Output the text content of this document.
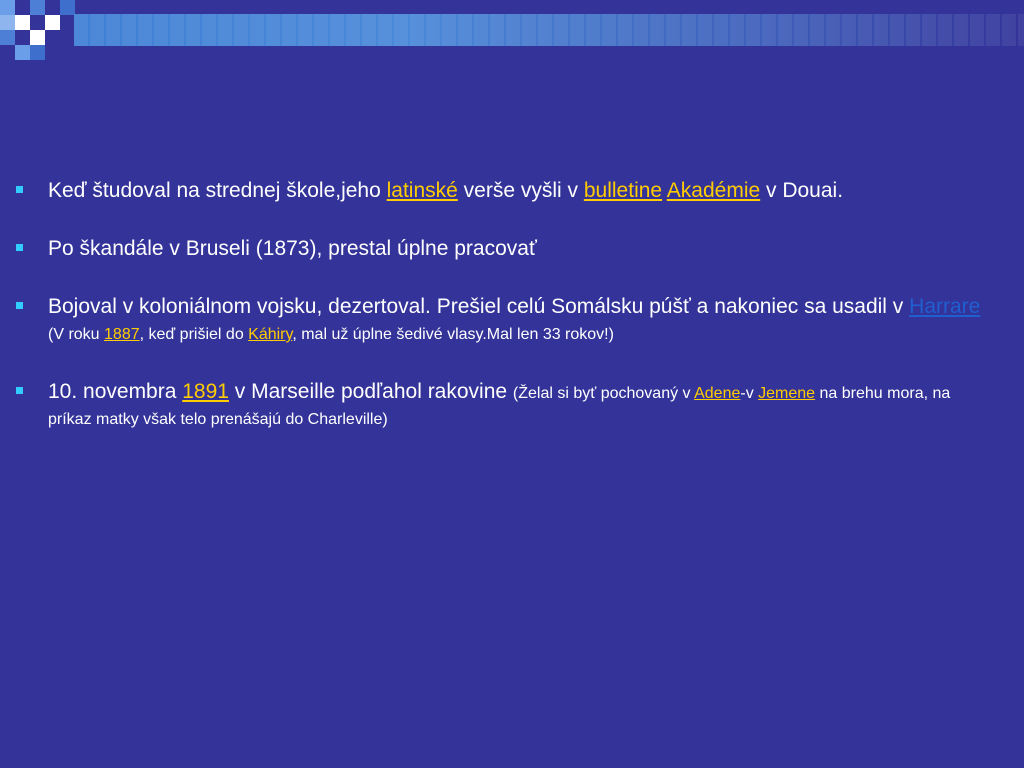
Keď študoval na strednej škole,jeho latinské verše vyšli v bulletine Akadémie v Douai.
Po škandále v Bruseli (1873), prestal úplne pracovať
Bojoval v koloniálnom vojsku, dezertoval. Prešiel celú Somálsku púšť a nakoniec sa usadil v Harrare (V roku 1887, keď prišiel do Káhiry, mal už úplne šedivé vlasy.Mal len 33 rokov!)
10. novembra 1891 v Marseille podľahol rakovine (Želal si byť pochovaný v Adene-v Jemene na brehu mora, na príkaz matky však telo prenášajú do Charleville)
